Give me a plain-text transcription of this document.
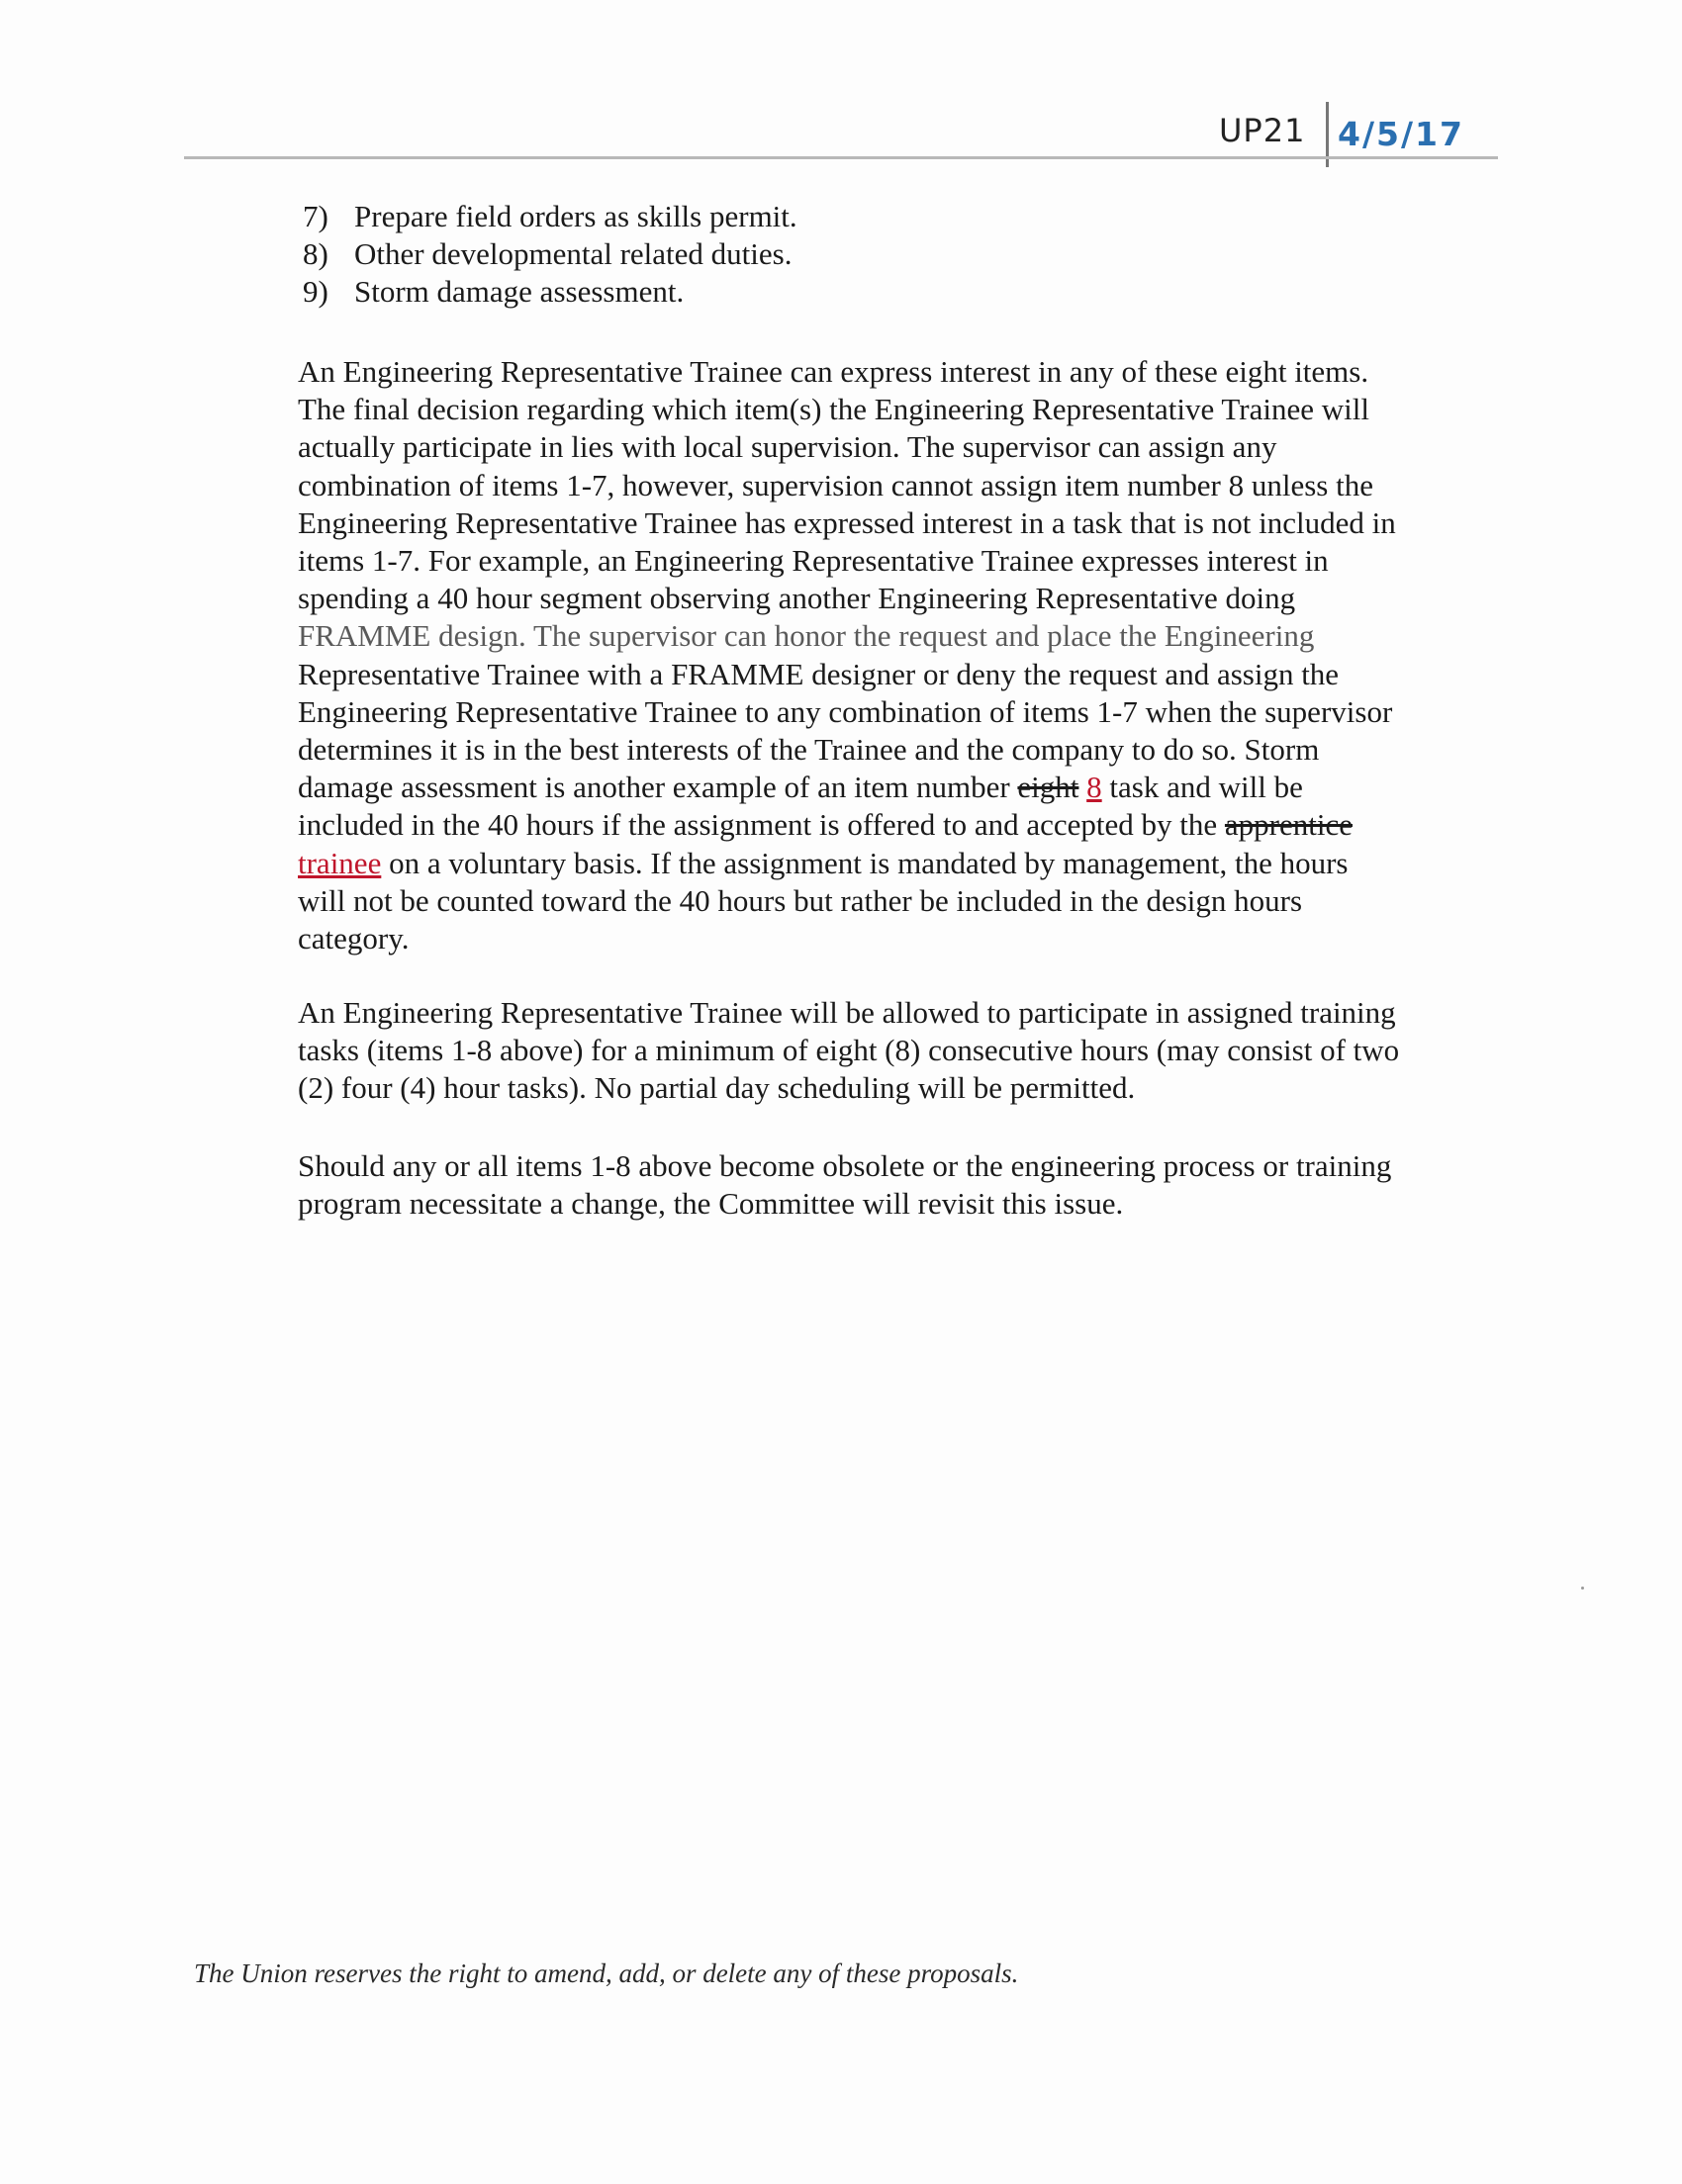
UP21 4/5/17
7) Prepare field orders as skills permit.
8) Other developmental related duties.
9) Storm damage assessment.
An Engineering Representative Trainee can express interest in any of these eight items.
The final decision regarding which item(s) the Engineering Representative Trainee will
actually participate in lies with local supervision. The supervisor can assign any
combination of items 1-7, however, supervision cannot assign item number 8 unless the
Engineering Representative Trainee has expressed interest in a task that is not included in
items 1-7. For example, an Engineering Representative Trainee expresses interest in
spending a 40 hour segment observing another Engineering Representative doing
FRAMME design. The supervisor can honor the request and place the Engineering
Representative Trainee with a FRAMME designer or deny the request and assign the
Engineering Representative Trainee to any combination of items 1-7 when the supervisor
determines it is in the best interests of the Trainee and the company to do so. Storm
damage assessment is another example of an item number eight 8 task and will be
included in the 40 hours if the assignment is offered to and accepted by the apprentice
trainee on a voluntary basis. If the assignment is mandated by management, the hours
will not be counted toward the 40 hours but rather be included in the design hours
category.
An Engineering Representative Trainee will be allowed to participate in assigned training
tasks (items 1-8 above) for a minimum of eight (8) consecutive hours (may consist of two
(2) four (4) hour tasks). No partial day scheduling will be permitted.
Should any or all items 1-8 above become obsolete or the engineering process or training
program necessitate a change, the Committee will revisit this issue.
The Union reserves the right to amend, add, or delete any of these proposals.
